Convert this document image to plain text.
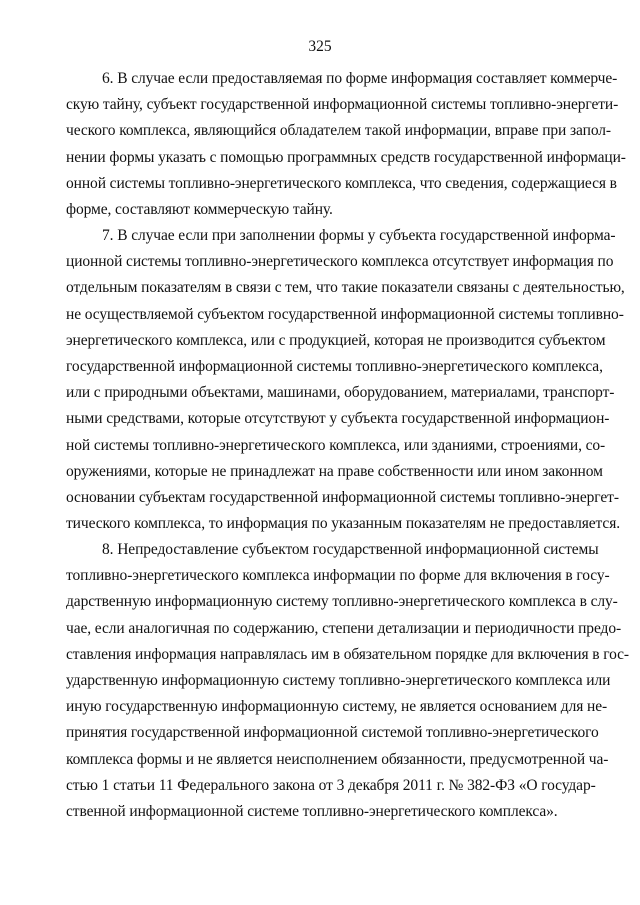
325
6. В случае если предоставляемая по форме информация составляет коммерче-
скую тайну, субъект государственной информационной системы топливно-энергети-
ческого комплекса, являющийся обладателем такой информации, вправе при запол-
нении формы указать с помощью программных средств государственной информаци-
онной системы топливно-энергетического комплекса, что сведения, содержащиеся в
форме, составляют коммерческую тайну.
7. В случае если при заполнении формы у субъекта государственной информа-
ционной системы топливно-энергетического комплекса отсутствует информация по
отдельным показателям в связи с тем, что такие показатели связаны с деятельностью,
не осуществляемой субъектом государственной информационной системы топливно-
энергетического комплекса, или с продукцией, которая не производится субъектом
государственной информационной системы топливно-энергетического комплекса,
или с природными объектами, машинами, оборудованием, материалами, транспорт-
ными средствами, которые отсутствуют у субъекта государственной информацион-
ной системы топливно-энергетического комплекса, или зданиями, строениями, со-
оружениями, которые не принадлежат на праве собственности или ином законном
основании субъектам государственной информационной системы топливно-энергет-
тического комплекса, то информация по указанным показателям не предоставляется.
8. Непредоставление субъектом государственной информационной системы
топливно-энергетического комплекса информации по форме для включения в госу-
дарственную информационную систему топливно-энергетического комплекса в слу-
чае, если аналогичная по содержанию, степени детализации и периодичности предо-
ставления информация направлялась им в обязательном порядке для включения в гос-
ударственную информационную систему топливно-энергетического комплекса или
иную государственную информационную систему, не является основанием для не-
принятия государственной информационной системой топливно-энергетического
комплекса формы и не является неисполнением обязанности, предусмотренной ча-
стью 1 статьи 11 Федерального закона от 3 декабря 2011 г. № 382-ФЗ «О государ-
ственной информационной системе топливно-энергетического комплекса».
